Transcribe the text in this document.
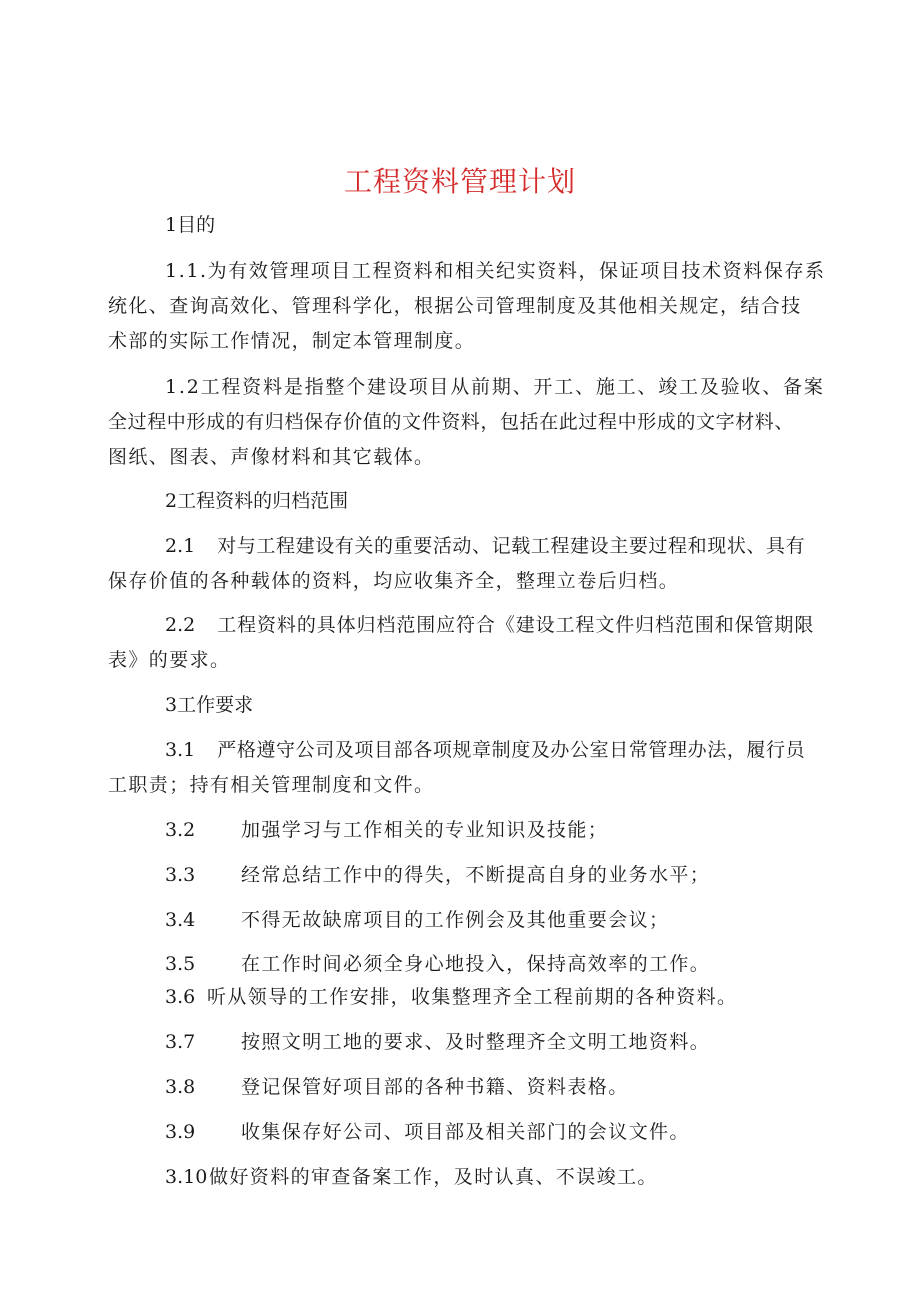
工程资料管理计划
1目的
1.1.为有效管理项目工程资料和相关纪实资料，保证项目技术资料保存系
统化、查询高效化、管理科学化，根据公司管理制度及其他相关规定，结合技
术部的实际工作情况，制定本管理制度。
1.2工程资料是指整个建设项目从前期、开工、施工、竣工及验收、备案
全过程中形成的有归档保存价值的文件资料，包括在此过程中形成的文字材料、
图纸、图表、声像材料和其它载体。
2工程资料的归档范围
2.1 对与工程建设有关的重要活动、记载工程建设主要过程和现状、具有
保存价值的各种载体的资料，均应收集齐全，整理立卷后归档。
2.2 工程资料的具体归档范围应符合《建设工程文件归档范围和保管期限
表》的要求。
3工作要求
3.1 严格遵守公司及项目部各项规章制度及办公室日常管理办法，履行员
工职责；持有相关管理制度和文件。
3.2 加强学习与工作相关的专业知识及技能；
3.3 经常总结工作中的得失，不断提高自身的业务水平；
3.4 不得无故缺席项目的工作例会及其他重要会议；
3.5 在工作时间必须全身心地投入，保持高效率的工作。
3.6 听从领导的工作安排，收集整理齐全工程前期的各种资料。
3.7 按照文明工地的要求、及时整理齐全文明工地资料。
3.8 登记保管好项目部的各种书籍、资料表格。
3.9 收集保存好公司、项目部及相关部门的会议文件。
3.10做好资料的审查备案工作，及时认真、不误竣工。
